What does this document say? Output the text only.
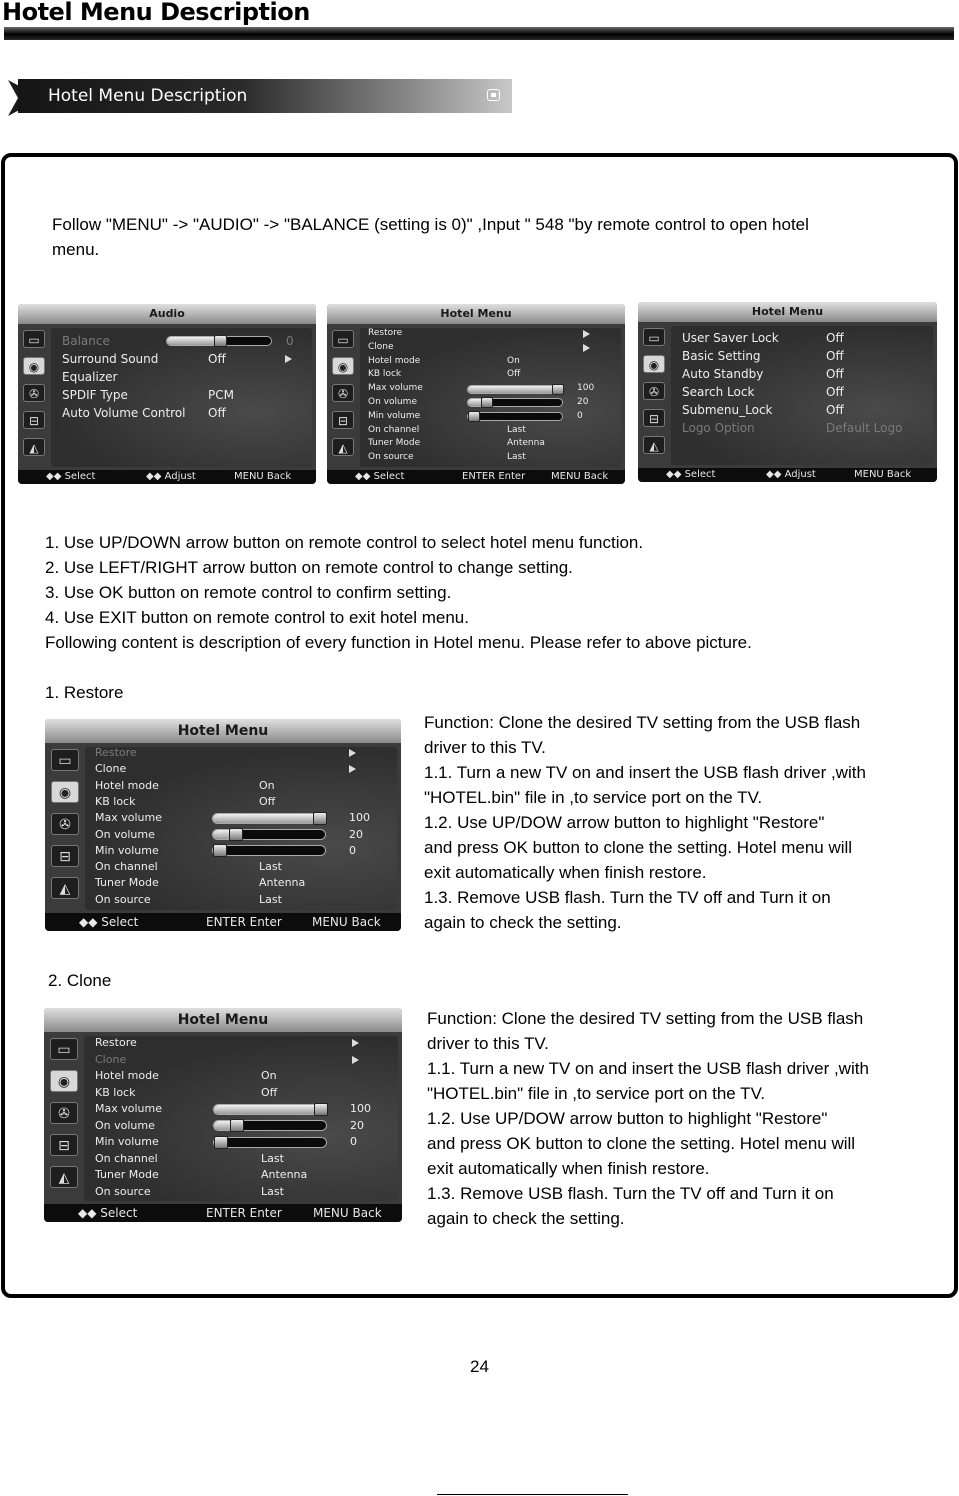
Hotel Menu Description
Hotel Menu Description
Follow "MENU" -> "AUDIO" -> "BALANCE (setting is 0)" ,Input " 548 "by remote control to open hotel
menu.
Audio
▭
◉
✇
⊟
◭
Balance	0
Surround Sound	Off
Equalizer
SPDIF Type	PCM
Auto Volume Control Off
◆◆ Select	◆◆ Adjust	MENU Back
Hotel Menu
▭
◉
✇
⊟
◭
Restore
Clone
Hotel mode	On
KB lock	Off
Max volume	100
On volume	20
Min volume	0
On channel	Last
Tuner Mode	Antenna
On source	Last
◆◆ Select	ENTER Enter	MENU Back
Hotel Menu
▭
◉
✇
⊟
◭
User Saver Lock	Off
Basic Setting	Off
Auto Standby	Off
Search Lock	Off
Submenu_Lock	Off
Logo Option	Default Logo
◆◆ Select	◆◆ Adjust	MENU Back
1. Use UP/DOWN arrow button on remote control to select hotel menu function.
2. Use LEFT/RIGHT arrow button on remote control to change setting.
3. Use OK button on remote control to confirm setting.
4. Use EXIT button on remote control to exit hotel menu.
Following content is description of every function in Hotel menu. Please refer to above picture.
1. Restore
Hotel Menu
▭
◉
✇
⊟
◭
Restore
Clone
Hotel mode	On
KB lock	Off
Max volume	100
On volume	20
Min volume	0
On channel	Last
Tuner Mode	Antenna
On source	Last
◆◆ Select	ENTER Enter	MENU Back
Function: Clone the desired TV setting from the USB flash
driver to this TV.
1.1. Turn a new TV on and insert the USB flash driver ,with
"HOTEL.bin" file in ,to service port on the TV.
1.2. Use UP/DOW arrow button to highlight "Restore"
and press OK button to clone the setting. Hotel menu will
exit automatically when finish restore.
1.3. Remove USB flash. Turn the TV off and Turn it on
again to check the setting.
2. Clone
Hotel Menu
▭
◉
✇
⊟
◭
Restore
Clone
Hotel mode	On
KB lock	Off
Max volume	100
On volume	20
Min volume	0
On channel	Last
Tuner Mode	Antenna
On source	Last
◆◆ Select	ENTER Enter	MENU Back
Function: Clone the desired TV setting from the USB flash
driver to this TV.
1.1. Turn a new TV on and insert the USB flash driver ,with
"HOTEL.bin" file in ,to service port on the TV.
1.2. Use UP/DOW arrow button to highlight "Restore"
and press OK button to clone the setting. Hotel menu will
exit automatically when finish restore.
1.3. Remove USB flash. Turn the TV off and Turn it on
again to check the setting.
24
